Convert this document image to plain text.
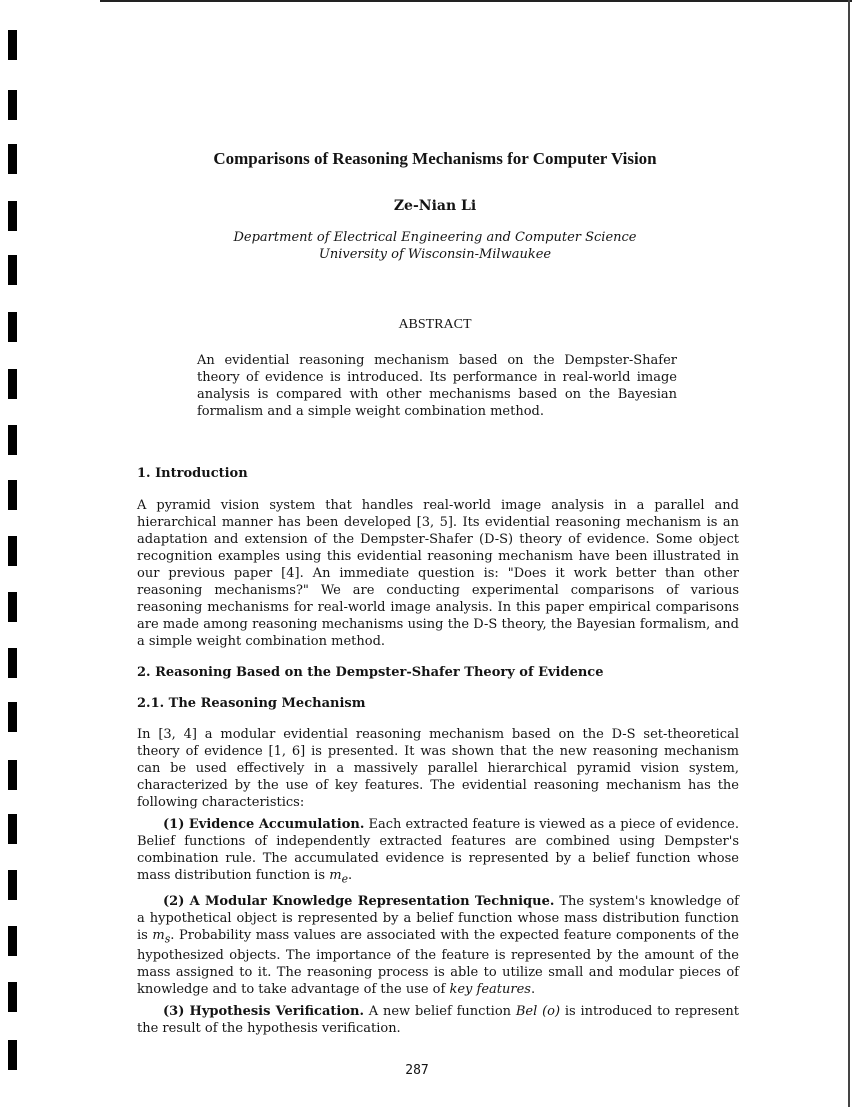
Comparisons of Reasoning Mechanisms for Computer Vision
Ze-Nian Li
Department of Electrical Engineering and Computer Science
University of Wisconsin-Milwaukee
ABSTRACT
An evidential reasoning mechanism based on the Dempster-Shafer theory of evidence is introduced. Its performance in real-world image analysis is compared with other mechanisms based on the Bayesian formalism and a simple weight combination method.
1. Introduction

A pyramid vision system that handles real-world image analysis in a parallel and hierarchical manner has been developed [3, 5]. Its evidential reasoning mechanism is an adaptation and extension of the Dempster-Shafer (D-S) theory of evidence. Some object recognition examples using this evidential reasoning mechanism have been illustrated in our previous paper [4]. An immediate question is: "Does it work better than other reasoning mechanisms?" We are conducting experimental comparisons of various reasoning mechanisms for real-world image analysis. In this paper empirical comparisons are made among reasoning mechanisms using the D-S theory, the Bayesian formalism, and a simple weight combination method.

2. Reasoning Based on the Dempster-Shafer Theory of Evidence
2.1. The Reasoning Mechanism

In [3, 4] a modular evidential reasoning mechanism based on the D-S set-theoretical theory of evidence [1, 6] is presented. It was shown that the new reasoning mechanism can be used effectively in a massively parallel hierarchical pyramid vision system, characterized by the use of key features. The evidential reasoning mechanism has the following characteristics:

(1) Evidence Accumulation. Each extracted feature is viewed as a piece of evidence. Belief functions of independently extracted features are combined using Dempster's combination rule. The accumulated evidence is represented by a belief function whose mass distribution function is $m_e$.

(2) A Modular Knowledge Representation Technique. The system's knowledge of a hypothetical object is represented by a belief function whose mass distribution function is $m_s$. Probability mass values are associated with the expected feature components of the hypothesized objects. The importance of the feature is represented by the amount of the mass assigned to it. The reasoning process is able to utilize small and modular pieces of knowledge and to take advantage of the use of key features.

(3) Hypothesis Verification. A new belief function Bel (o) is introduced to represent the result of the hypothesis verification.

287
